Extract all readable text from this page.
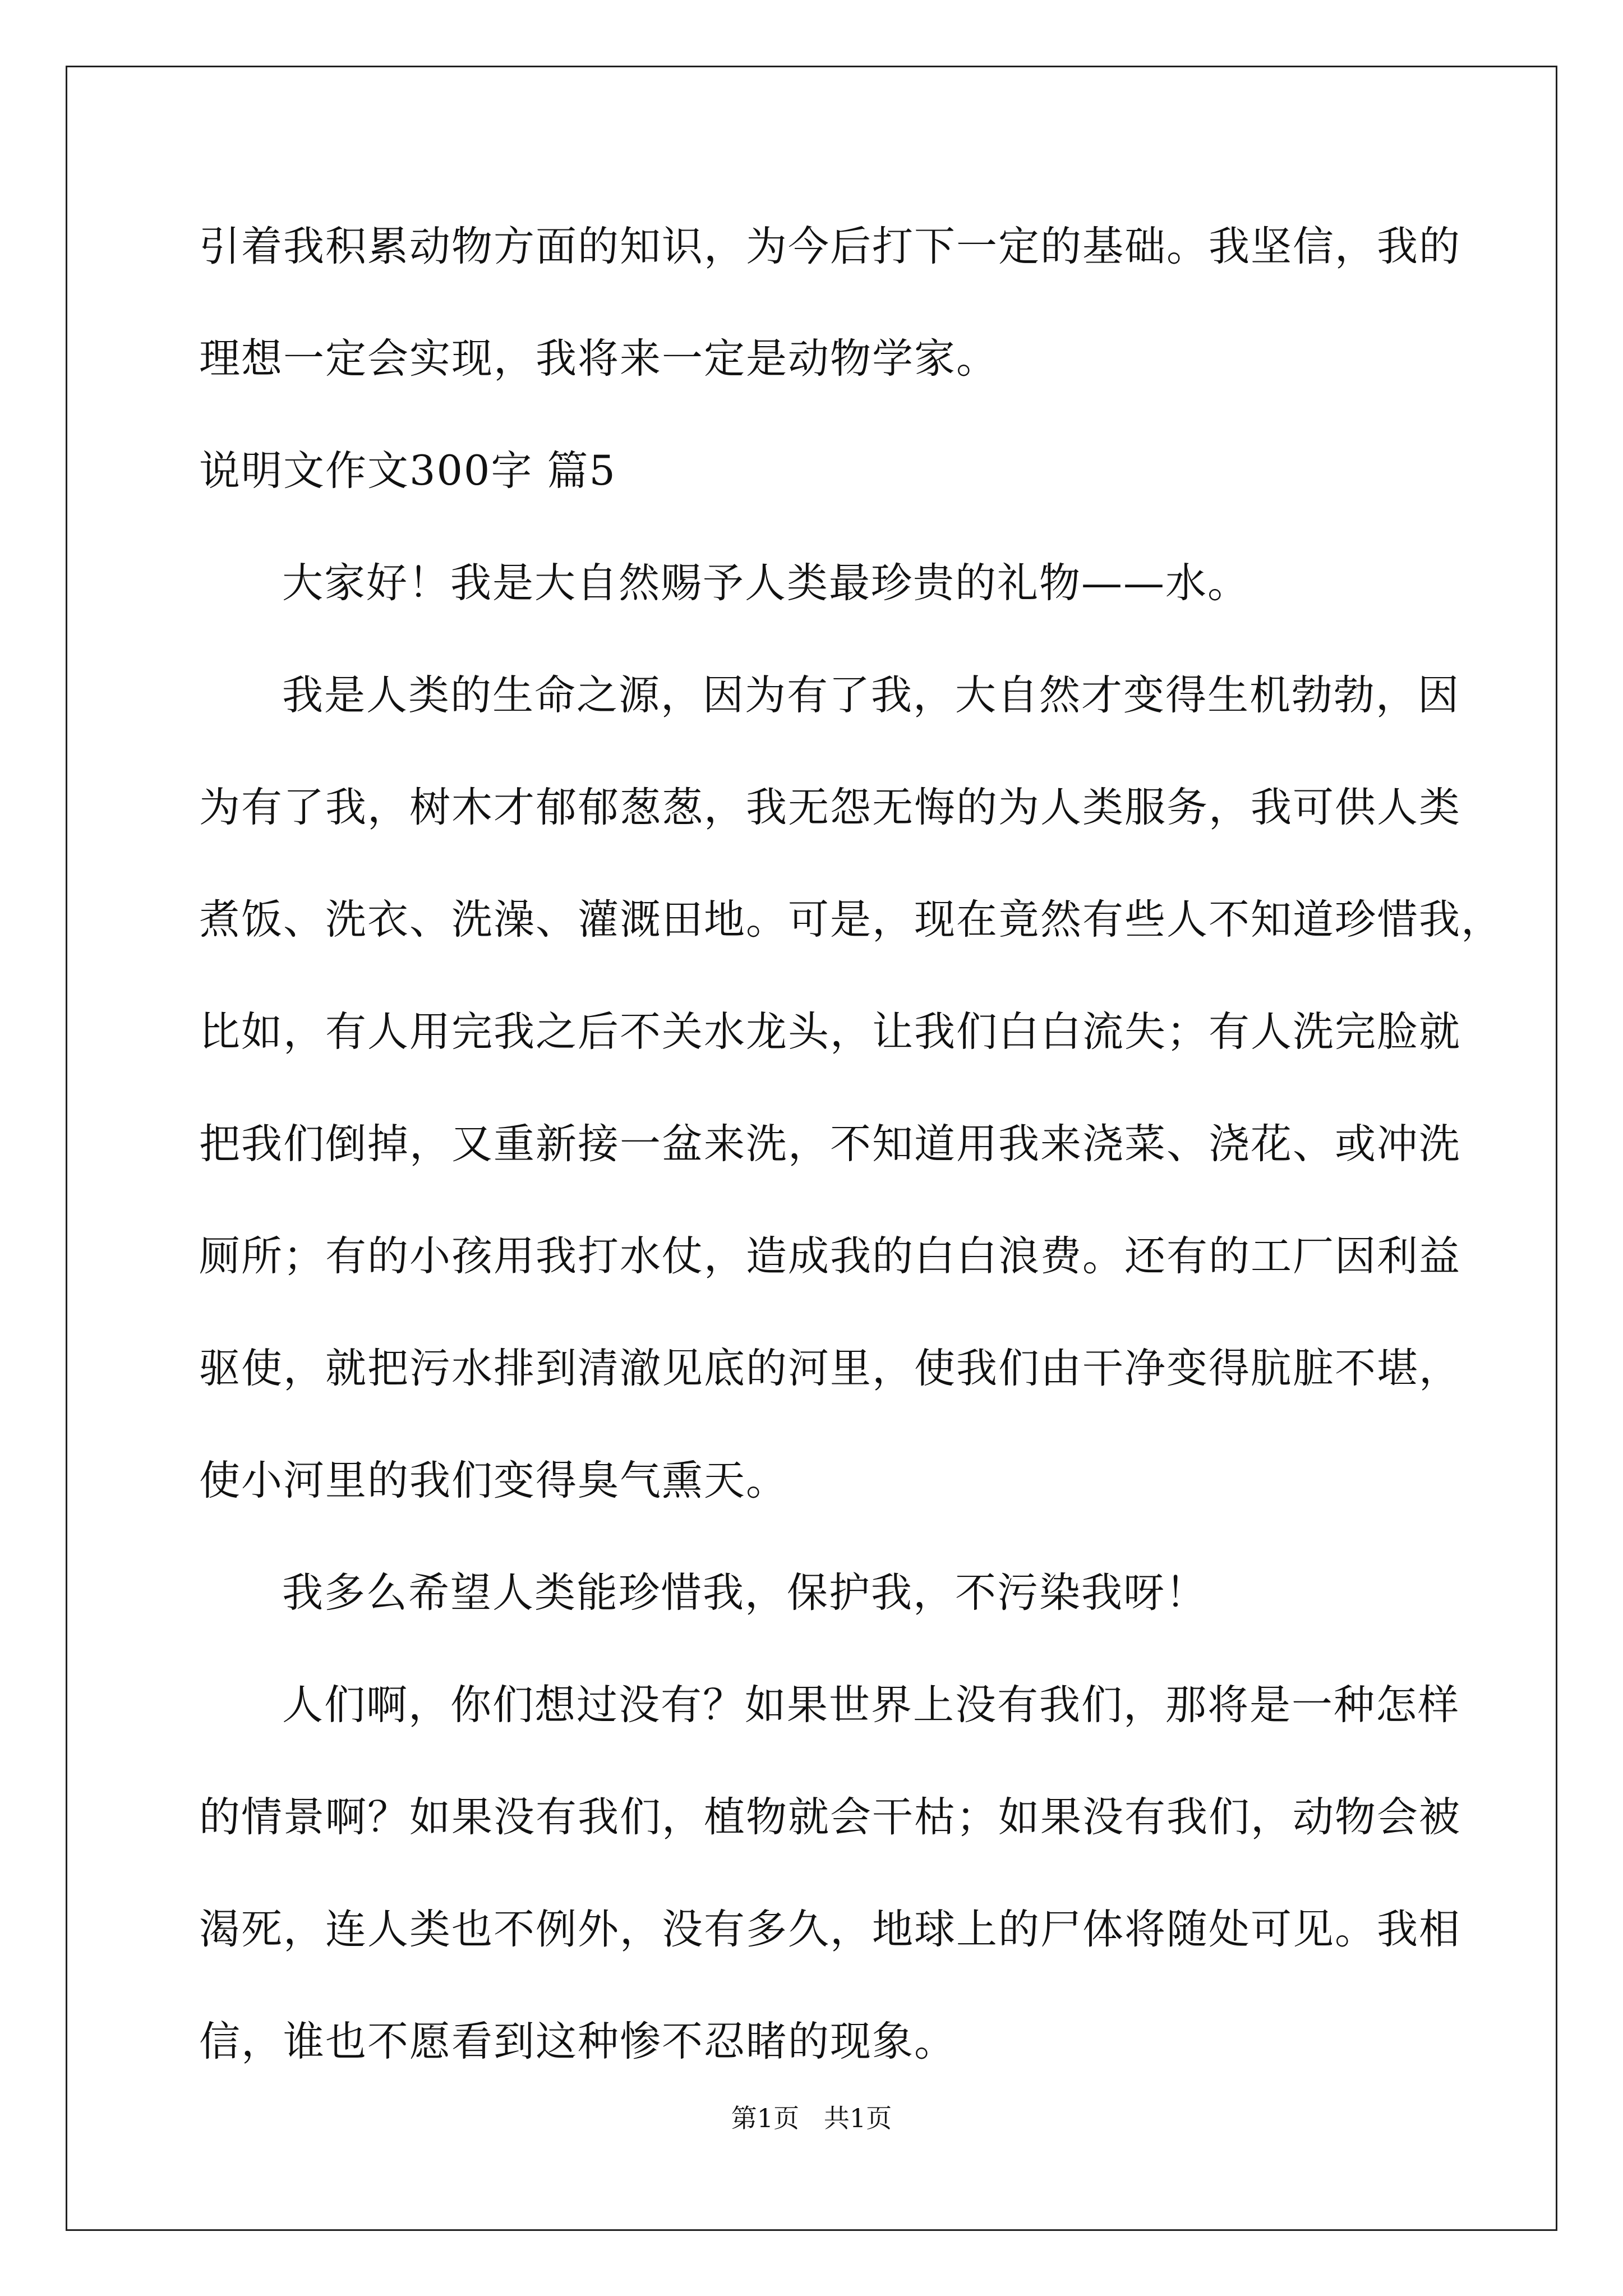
引着我积累动物方面的知识，为今后打下一定的基础。我坚信，我的
理想一定会实现，我将来一定是动物学家。
说明文作文300字 篇5
大家好！我是大自然赐予人类最珍贵的礼物——水。
我是人类的生命之源，因为有了我，大自然才变得生机勃勃，因
为有了我，树木才郁郁葱葱，我无怨无悔的为人类服务，我可供人类
煮饭、洗衣、洗澡、灌溉田地。可是，现在竟然有些人不知道珍惜我，
比如，有人用完我之后不关水龙头，让我们白白流失；有人洗完脸就
把我们倒掉，又重新接一盆来洗，不知道用我来浇菜、浇花、或冲洗
厕所；有的小孩用我打水仗，造成我的白白浪费。还有的工厂因利益
驱使，就把污水排到清澈见底的河里，使我们由干净变得肮脏不堪，
使小河里的我们变得臭气熏天。
我多么希望人类能珍惜我，保护我，不污染我呀！
人们啊，你们想过没有？如果世界上没有我们，那将是一种怎样
的情景啊？如果没有我们，植物就会干枯；如果没有我们，动物会被
渴死，连人类也不例外，没有多久，地球上的尸体将随处可见。我相
信，谁也不愿看到这种惨不忍睹的现象。
第1页   共1页
